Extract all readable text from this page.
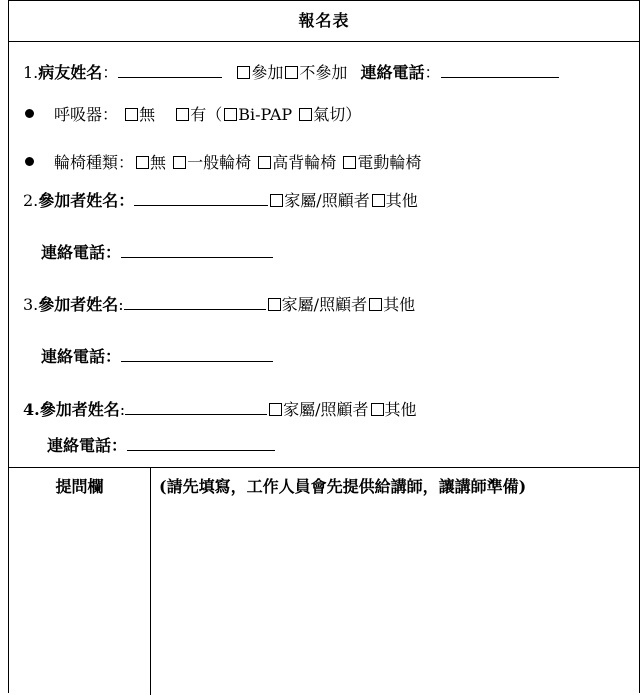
報名表
1.病友姓名：	參加 不參加 連絡電話：
呼吸器： 無 有（ Bi-PAP 氣切）
輪椅種類： 無 一般輪椅 高背輪椅 電動輪椅
2.參加者姓名：	家屬/照顧者 其他
連絡電話：
3.參加者姓名:	家屬/照顧者 其他
連絡電話：
4.參加者姓名:	家屬/照顧者 其他
連絡電話：
提問欄	(請先填寫，工作人員會先提供給講師，讓講師準備)
